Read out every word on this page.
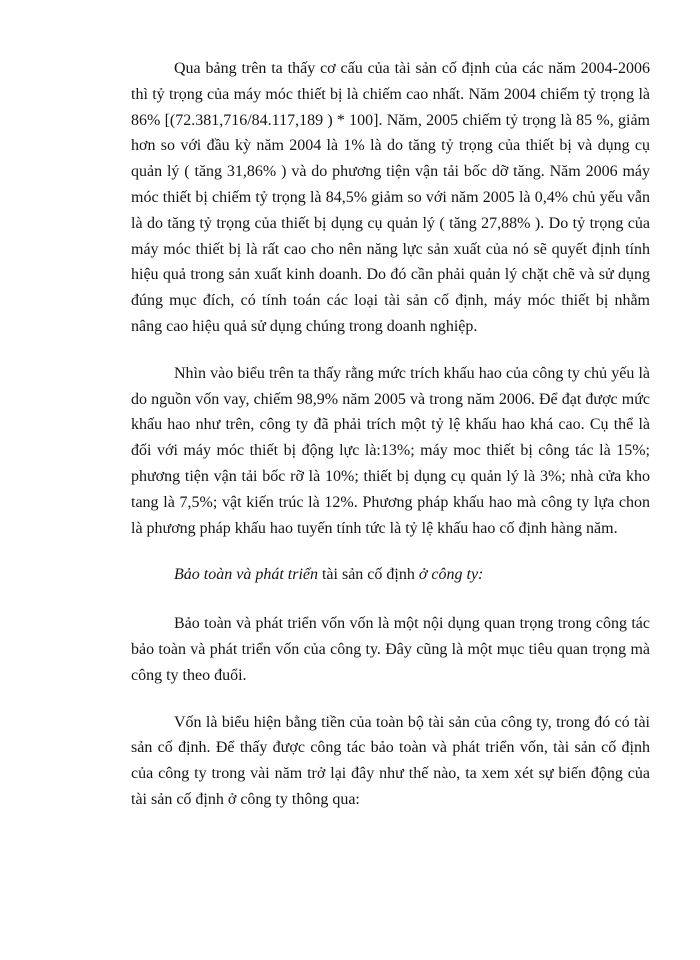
Qua bảng trên ta thấy cơ cấu của tài sản cố định của các năm 2004-2006 thì tỷ trọng của máy móc thiết bị là chiếm cao nhất. Năm 2004 chiếm tỷ trọng là 86% [(72.381,716/84.117,189 ) * 100]. Năm, 2005 chiếm tỷ trọng là 85 %, giảm hơn so với đầu kỳ năm 2004 là 1% là do tăng tỷ trọng của thiết bị và dụng cụ quản lý ( tăng 31,86% ) và do phương tiện vận tải bốc dỡ tăng. Năm 2006 máy móc thiết bị chiếm tỷ trọng là 84,5% giảm so với năm 2005 là 0,4% chủ yếu vẫn là do tăng tỷ trọng của thiết bị dụng cụ quản lý ( tăng 27,88% ). Do tỷ trọng của máy móc thiết bị là rất cao cho nên năng lực sản xuất của nó sẽ quyết định tính hiệu quả trong sản xuất kinh doanh. Do đó cần phải quản lý chặt chẽ và sử dụng đúng mục đích, có tính toán các loại tài sản cố định, máy móc thiết bị nhằm nâng cao hiệu quả sử dụng chúng trong doanh nghiệp.

Nhìn vào biểu trên ta thấy rằng mức trích khấu hao của công ty chủ yếu là do nguồn vốn vay, chiếm 98,9% năm 2005 và trong năm 2006. Để đạt được mức khấu hao như trên, công ty đã phải trích một tỷ lệ khấu hao khá cao. Cụ thể là đối với máy móc thiết bị động lực là:13%; máy moc thiết bị công tác là 15%; phương tiện vận tải bốc rỡ là 10%; thiết bị dụng cụ quản lý là 3%; nhà cửa kho tang là 7,5%; vật kiến trúc là 12%. Phương pháp khấu hao mà công ty lựa chon là phương pháp khấu hao tuyến tính tức là tỷ lệ khấu hao cố định hàng năm.

Bảo toàn và phát triển tài sản cố định ở công ty:

Bảo toàn và phát triển vốn vốn là một nội dụng quan trọng trong công tác bảo toàn và phát triển vốn của công ty. Đây cũng là một mục tiêu quan trọng mà công ty theo đuổi.

Vốn là biểu hiện bằng tiền của toàn bộ tài sản của công ty, trong đó có tài sản cố định. Để thấy được công tác bảo toàn và phát triển vốn, tài sản cố định của công ty trong vài năm trở lại đây như thế nào, ta xem xét sự biến động của tài sản cố định ở công ty thông qua:
